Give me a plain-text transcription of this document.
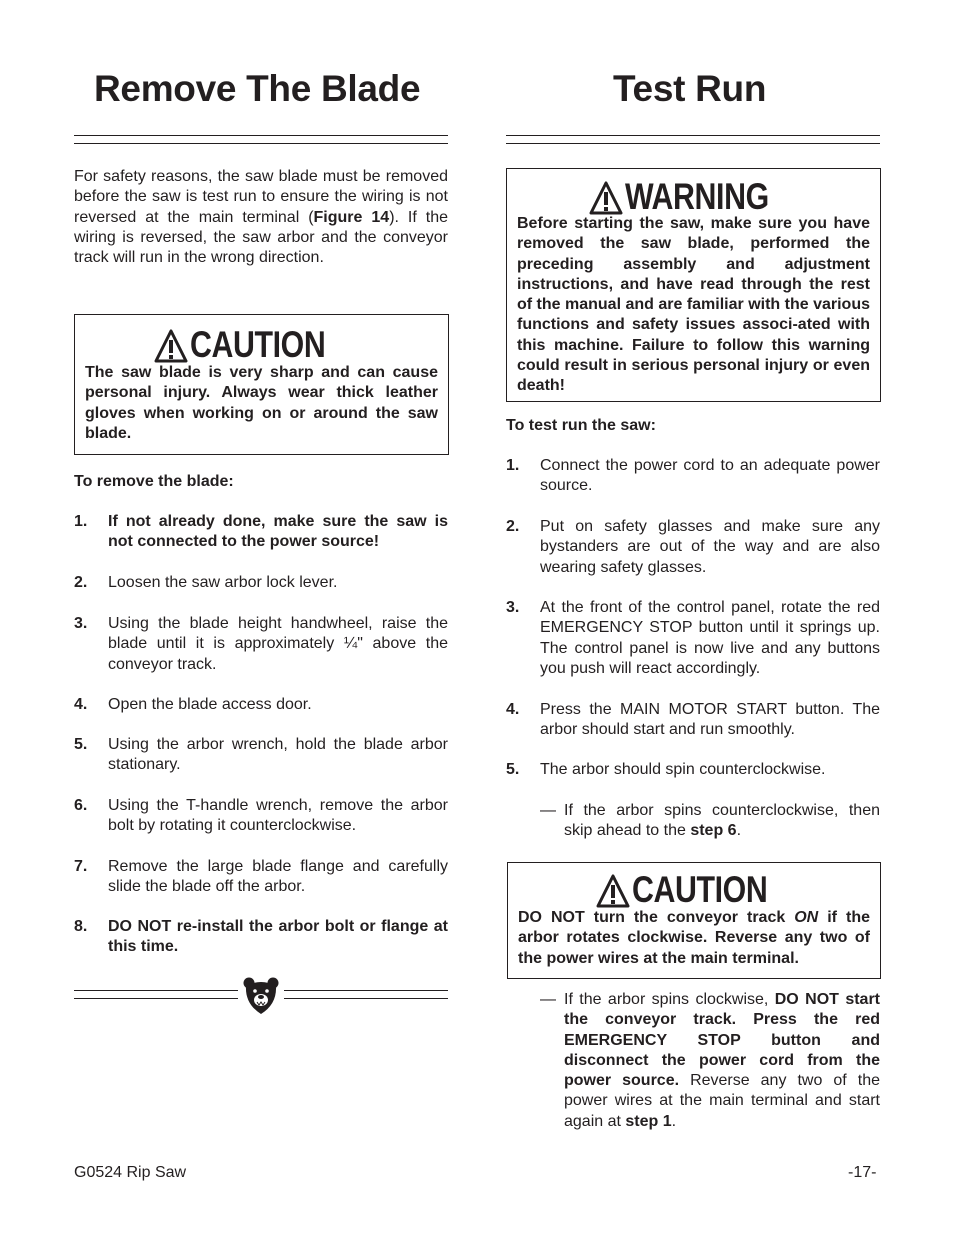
Remove The Blade	Test Run

For safety reasons, the saw blade must be removed before the saw is test run to ensure the wiring is not reversed at the main terminal (Figure 14). If the wiring is reversed, the saw arbor and the conveyor track will run in the wrong direction.

CAUTION
The saw blade is very sharp and can cause personal injury. Always wear thick leather gloves when working on or around the saw blade.
To remove the blade:
1.	If not already done, make sure the saw is not connected to the power source!
2.	Loosen the saw arbor lock lever.
3.	Using the blade height handwheel, raise the blade until it is approximately ¼" above the conveyor track.
4.	Open the blade access door.
5.	Using the arbor wrench, hold the blade arbor stationary.
6.	Using the T-handle wrench, remove the arbor bolt by rotating it counterclockwise.
7.	Remove the large blade flange and carefully slide the blade off the arbor.
8.	DO NOT re-install the arbor bolt or flange at this time.
WARNING
Before starting the saw, make sure you have removed the saw blade, performed the preceding assembly and adjustment instructions, and have read through the rest of the manual and are familiar with the various functions and safety issues associ-ated with this machine. Failure to follow this warning could result in serious personal injury or even death!
To test run the saw:
1.	Connect the power cord to an adequate power source.
2.	Put on safety glasses and make sure any bystanders are out of the way and are also wearing safety glasses.
3.	At the front of the control panel, rotate the red EMERGENCY STOP button until it springs up. The control panel is now live and any buttons you push will react accordingly.
4.	Press the MAIN MOTOR START button. The arbor should start and run smoothly.
5.	The arbor should spin counterclockwise.
— If the arbor spins counterclockwise, then skip ahead to the step 6.
CAUTION
DO NOT turn the conveyor track ON if the arbor rotates clockwise. Reverse any two of the power wires at the main terminal.
— If the arbor spins clockwise, DO NOT start the conveyor track. Press the red EMERGENCY STOP button and disconnect the power cord from the power source. Reverse any two of the power wires at the main terminal and start again at step 1.
G0524 Rip Saw	-17-
